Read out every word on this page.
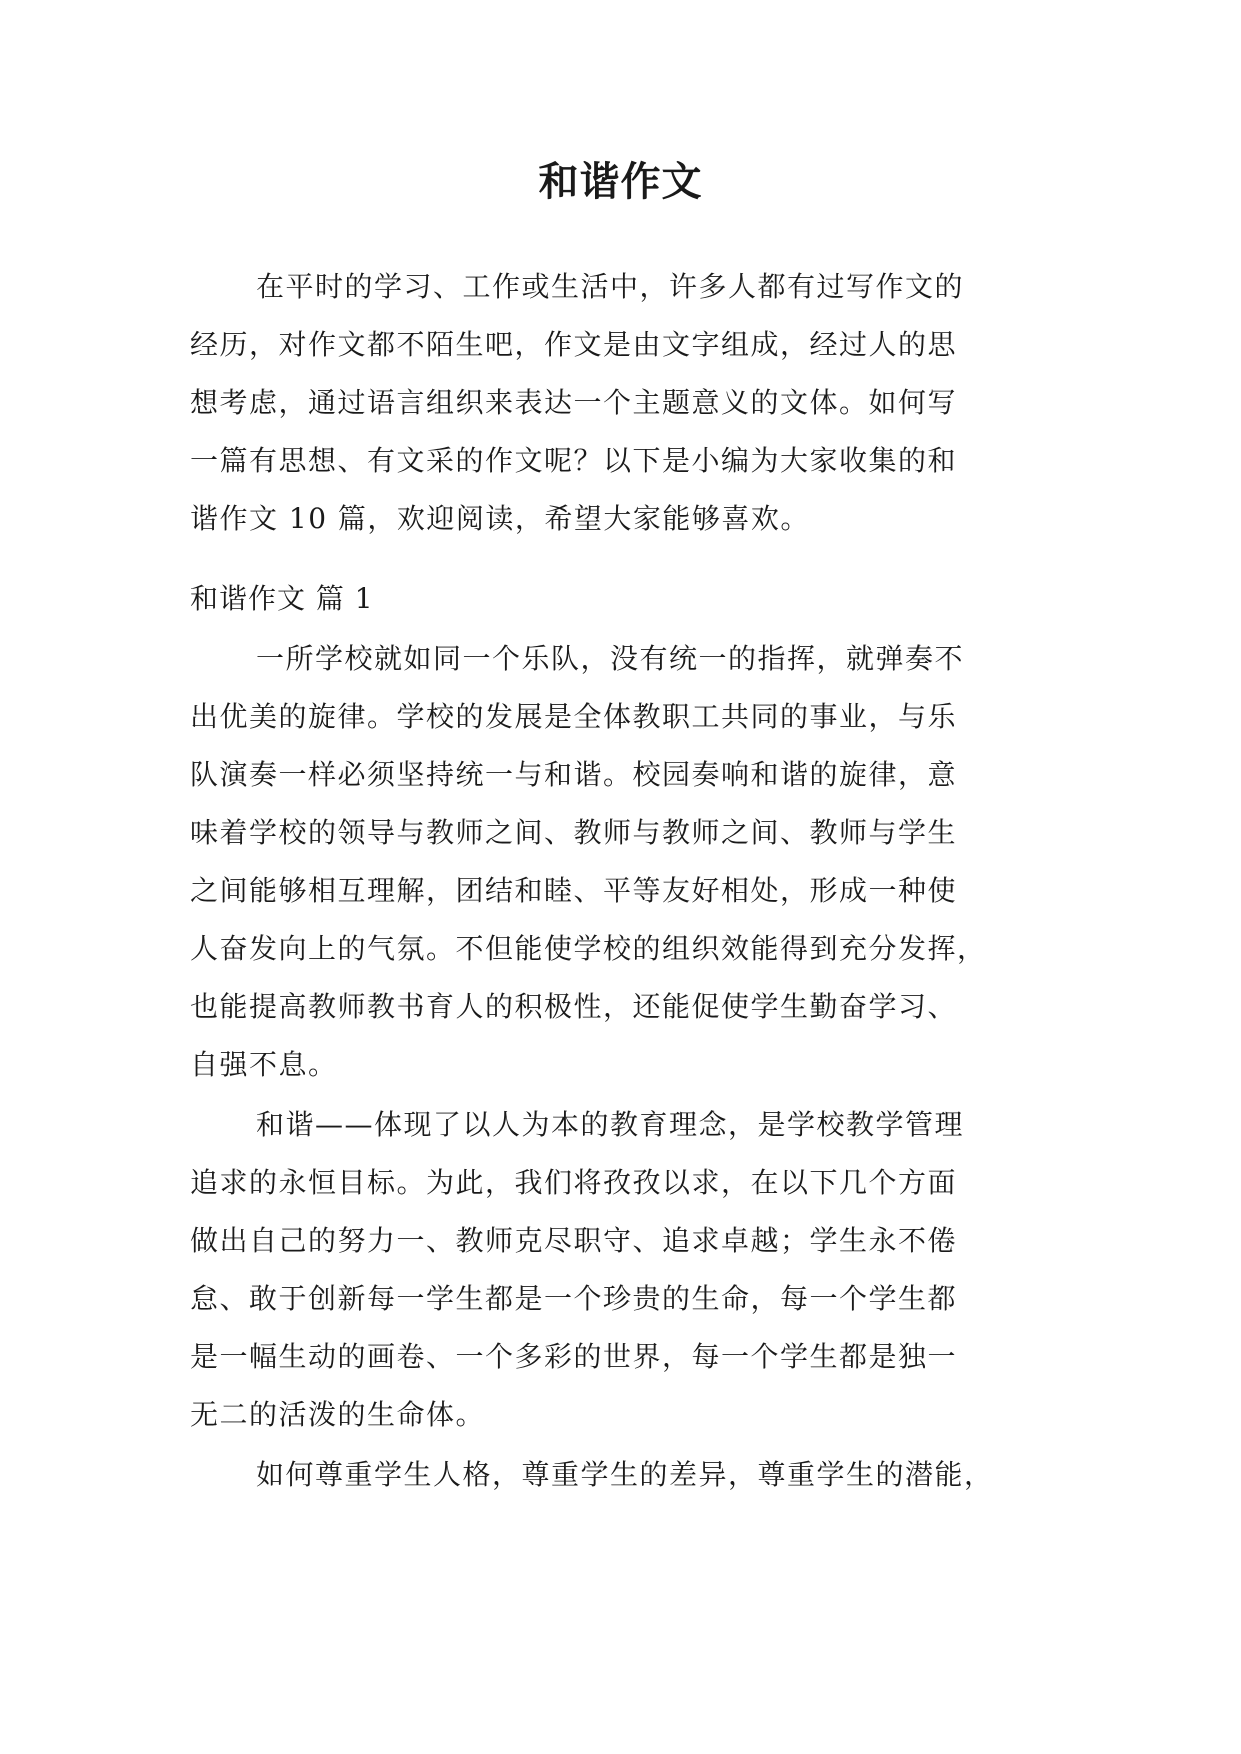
和谐作文
在平时的学习、工作或生活中，许多人都有过写作文的
经历，对作文都不陌生吧，作文是由文字组成，经过人的思
想考虑，通过语言组织来表达一个主题意义的文体。如何写
一篇有思想、有文采的作文呢？以下是小编为大家收集的和
谐作文 10 篇，欢迎阅读，希望大家能够喜欢。
和谐作文 篇 1
一所学校就如同一个乐队，没有统一的指挥，就弹奏不
出优美的旋律。学校的发展是全体教职工共同的事业，与乐
队演奏一样必须坚持统一与和谐。校园奏响和谐的旋律，意
味着学校的领导与教师之间、教师与教师之间、教师与学生
之间能够相互理解，团结和睦、平等友好相处，形成一种使
人奋发向上的气氛。不但能使学校的组织效能得到充分发挥，
也能提高教师教书育人的积极性，还能促使学生勤奋学习、
自强不息。
和谐——体现了以人为本的教育理念，是学校教学管理
追求的永恒目标。为此，我们将孜孜以求，在以下几个方面
做出自己的努力一、教师克尽职守、追求卓越；学生永不倦
怠、敢于创新每一学生都是一个珍贵的生命，每一个学生都
是一幅生动的画卷、一个多彩的世界，每一个学生都是独一
无二的活泼的生命体。
如何尊重学生人格，尊重学生的差异，尊重学生的潜能，
